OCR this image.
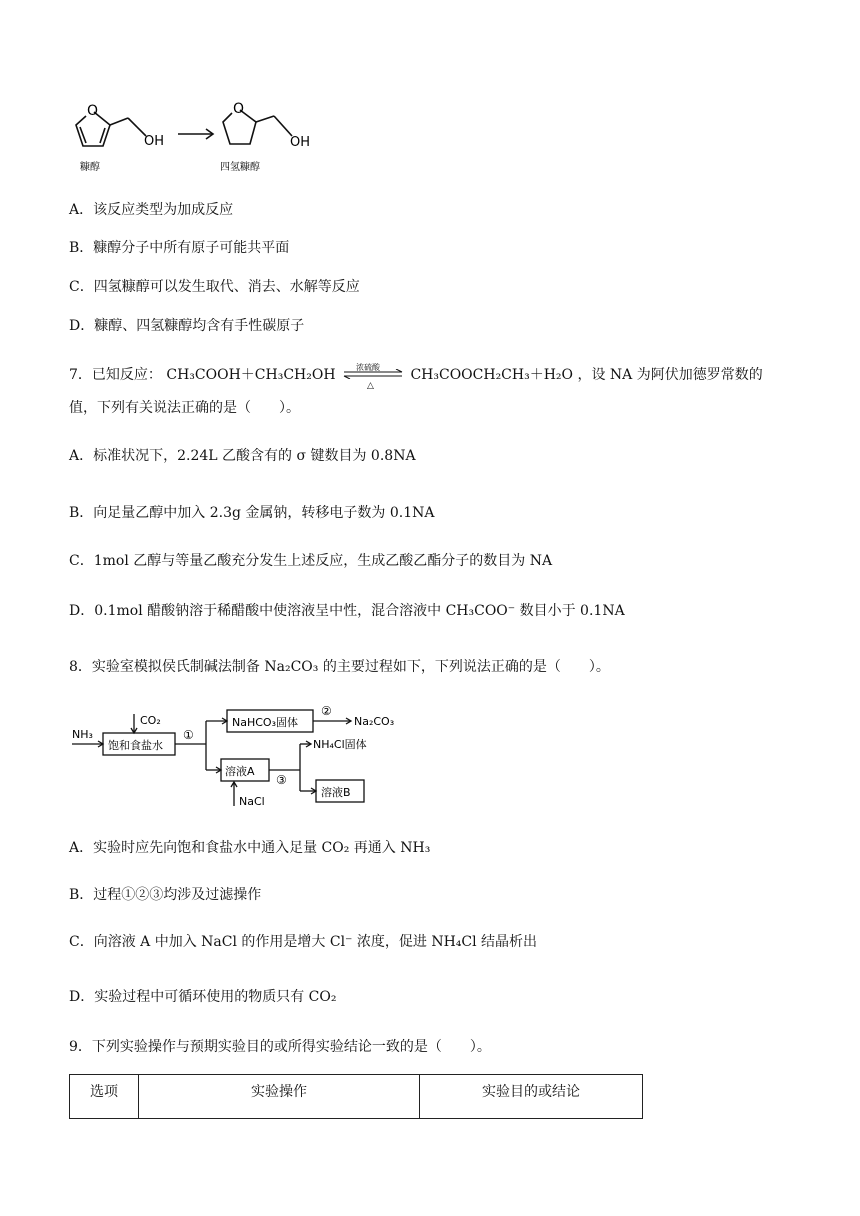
O
OH
糠醇
O
OH
四氢糠醇
A．该反应类型为加成反应
B．糠醇分子中所有原子可能共平面
C．四氢糠醇可以发生取代、消去、水解等反应
D．糠醇、四氢糠醇均含有手性碳原子
7．已知反应： CH₃COOH＋CH₃CH₂OH	浓硫酸
△
CH₃COOCH₂CH₃＋H₂O ，设 NA 为阿伏加德罗常数的
值，下列有关说法正确的是（　　）。
A．标准状况下，2.24L 乙酸含有的 σ 键数目为 0.8NA
B．向足量乙醇中加入 2.3g 金属钠，转移电子数为 0.1NA
C．1mol 乙醇与等量乙酸充分发生上述反应，生成乙酸乙酯分子的数目为 NA
D．0.1mol 醋酸钠溶于稀醋酸中使溶液呈中性，混合溶液中 CH₃COO⁻ 数目小于 0.1NA
8．实验室模拟侯氏制碱法制备 Na₂CO₃ 的主要过程如下，下列说法正确的是（　　）。
NH₃
CO₂
饱和食盐水
①
NaHCO₃固体
②
Na₂CO₃
溶液A
③
NH₄Cl固体
溶液B
NaCl
A．实验时应先向饱和食盐水中通入足量 CO₂ 再通入 NH₃
B．过程①②③均涉及过滤操作
C．向溶液 A 中加入 NaCl 的作用是增大 Cl⁻ 浓度，促进 NH₄Cl 结晶析出
D．实验过程中可循环使用的物质只有 CO₂
9．下列实验操作与预期实验目的或所得实验结论一致的是（　　）。
选项	实验操作	实验目的或结论
